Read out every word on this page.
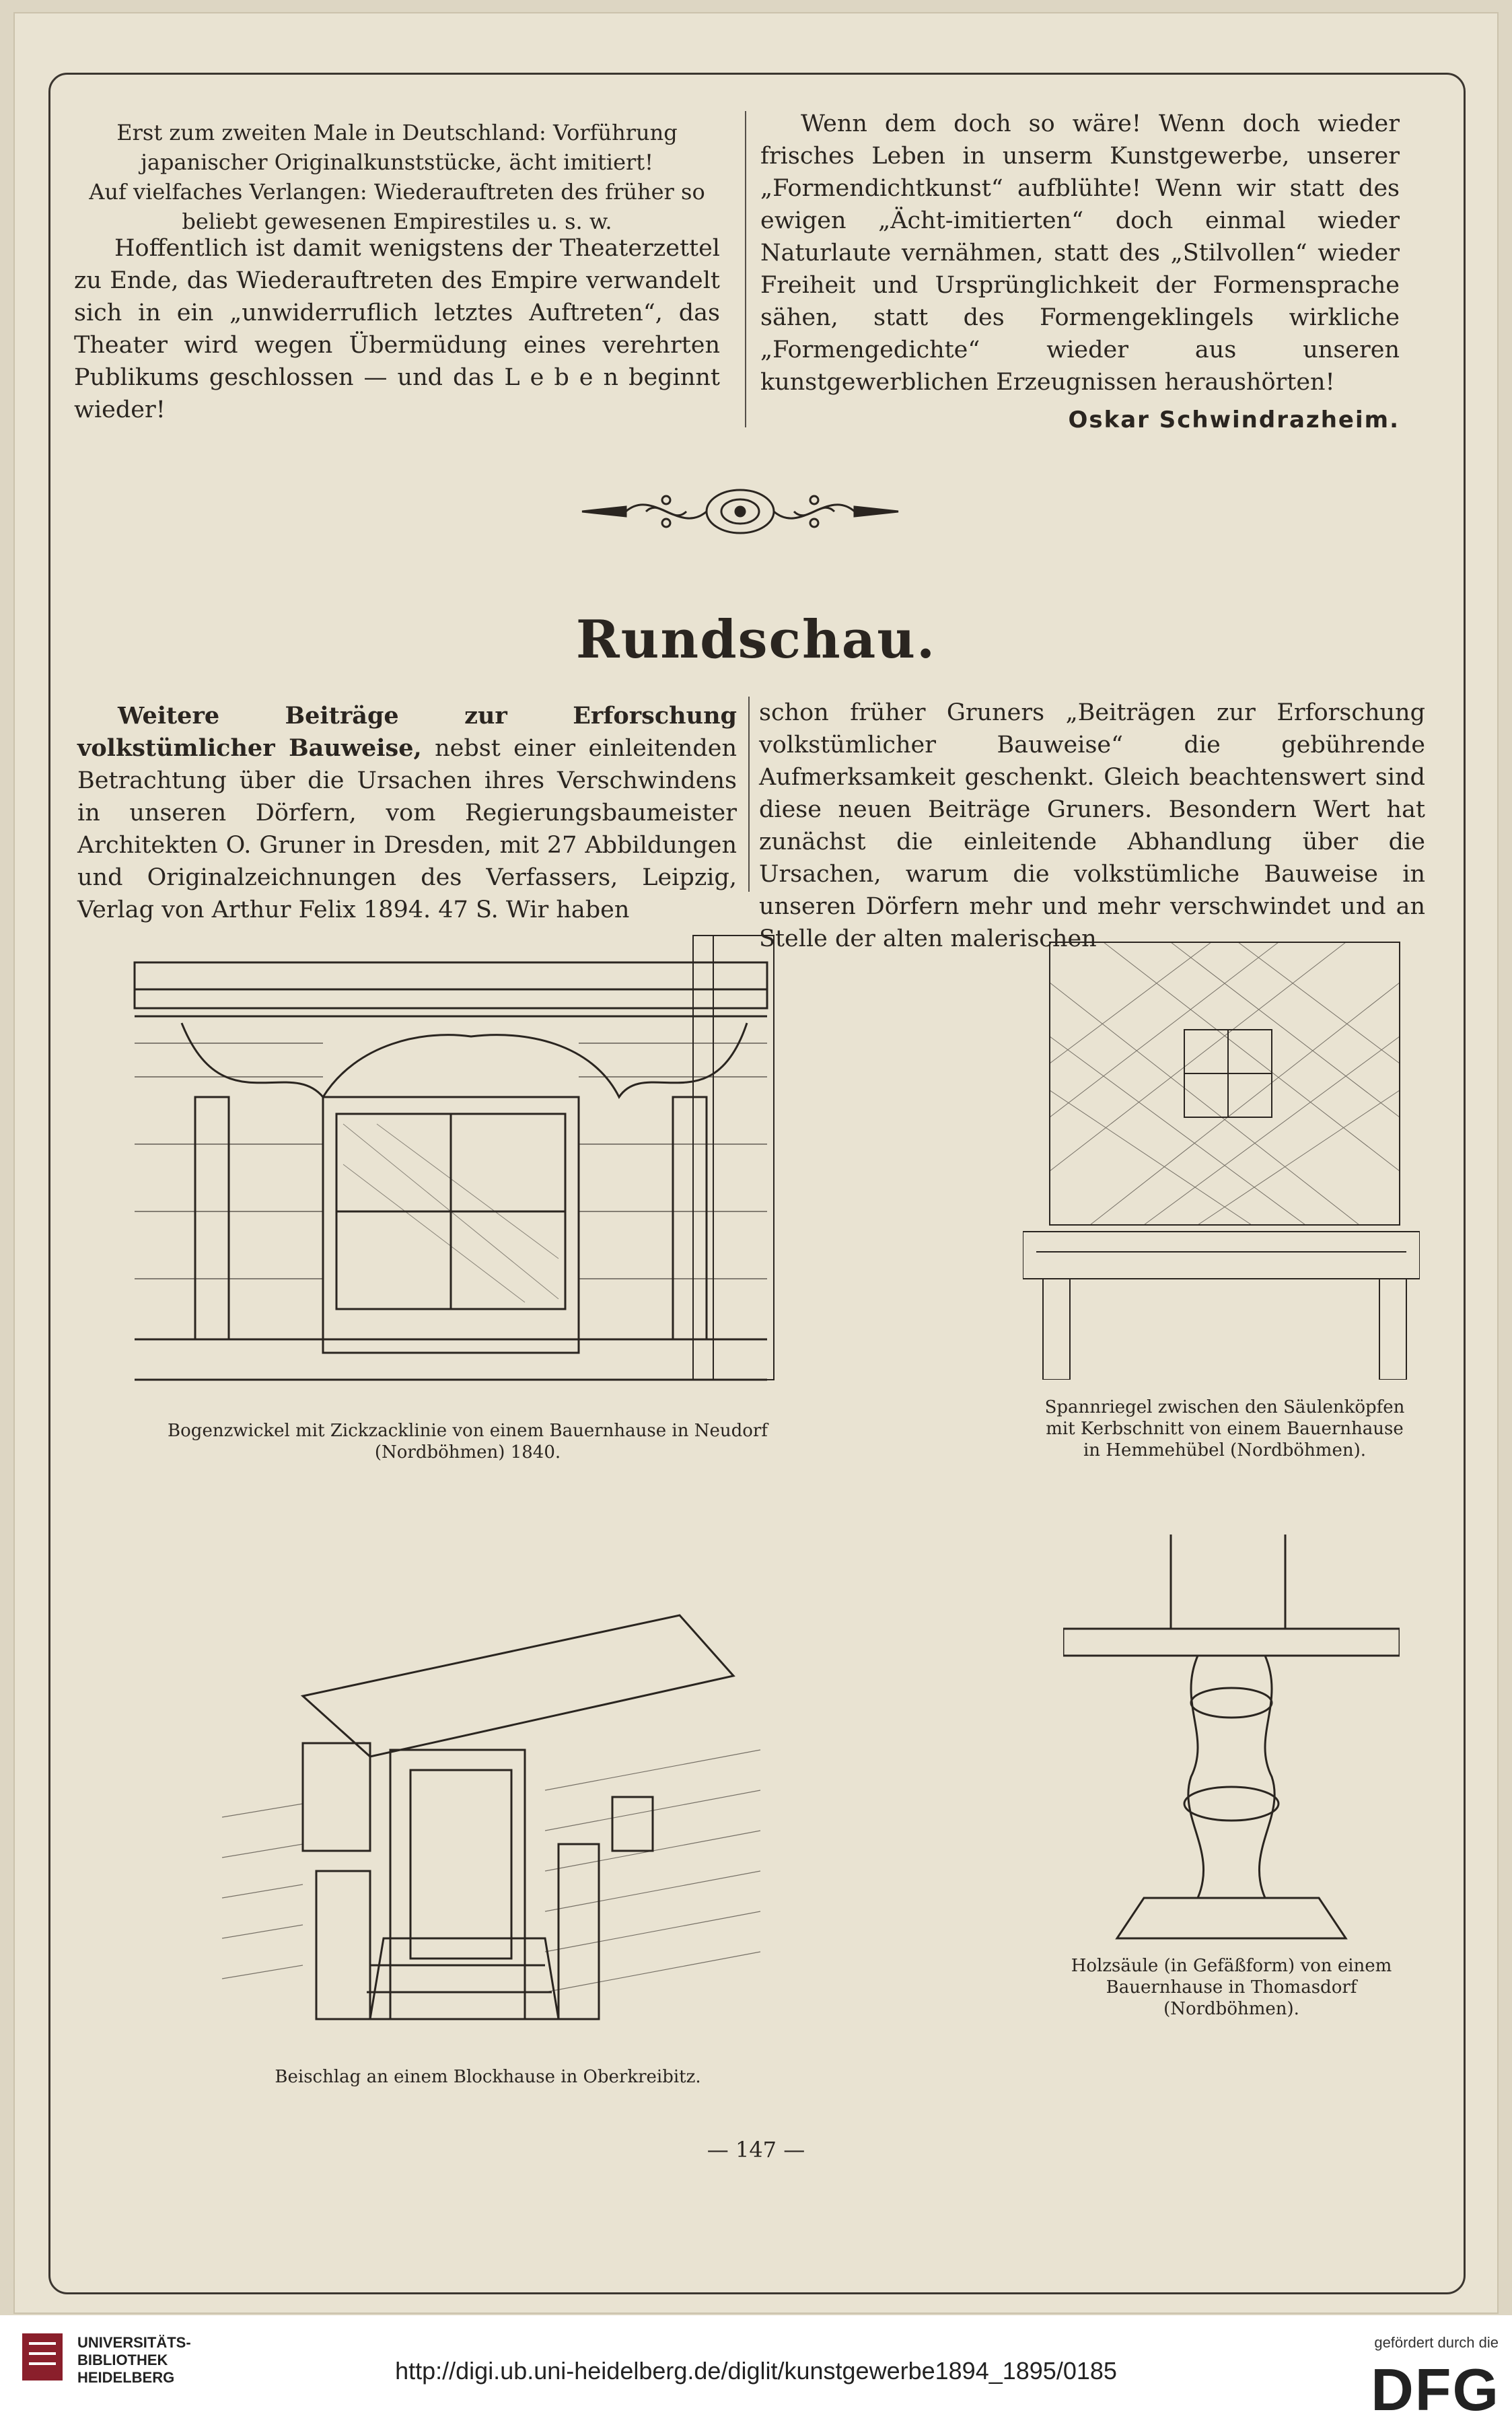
Erst zum zweiten Male in Deutschland: Vorführung japanischer Originalkunststücke, ächt imitiert!

Auf vielfaches Verlangen: Wiederauftreten des früher so beliebt gewesenen Empirestiles u. s. w.

Hoffentlich ist damit wenigstens der Theaterzettel zu Ende, das Wiederauftreten des Empire verwandelt sich in ein „unwiderruflich letztes Auftreten“, das Theater wird wegen Übermüdung eines verehrten Publikums geschlossen — und das L e b e n beginnt wieder!

Wenn dem doch so wäre! Wenn doch wieder frisches Leben in unserm Kunstgewerbe, unserer „Formendichtkunst“ aufblühte! Wenn wir statt des ewigen „Ächt-imitierten“ doch einmal wieder Naturlaute vernähmen, statt des „Stilvollen“ wieder Freiheit und Ursprünglichkeit der Formensprache sähen, statt des Formengeklingels wirkliche „Formengedichte“ wieder aus unseren kunstgewerblichen Erzeugnissen heraushörten!

Oskar Schwindrazheim.
Rundschau.

Weitere Beiträge zur Erforschung volkstümlicher Bauweise, nebst einer einleitenden Betrachtung über die Ursachen ihres Verschwindens in unseren Dörfern, vom Regierungsbaumeister Architekten O. Gruner in Dresden, mit 27 Abbildungen und Originalzeichnungen des Verfassers, Leipzig, Verlag von Arthur Felix 1894. 47 S. Wir haben

schon früher Gruners „Beiträgen zur Erforschung volkstümlicher Bauweise“ die gebührende Aufmerksamkeit geschenkt. Gleich beachtenswert sind diese neuen Beiträge Gruners. Besondern Wert hat zunächst die einleitende Abhandlung über die Ursachen, warum die volkstümliche Bauweise in unseren Dörfern mehr und mehr verschwindet und an Stelle der alten malerischen

Bogenzwickel mit Zickzacklinie von einem Bauernhause in Neudorf (Nordböhmen) 1840.
Spannriegel zwischen den Säulenköpfen mit Kerbschnitt von einem Bauernhause in Hemmehübel (Nordböhmen).
Beischlag an einem Blockhause in Oberkreibitz.
Holzsäule (in Gefäßform) von einem Bauernhause in Thomasdorf (Nordböhmen).
— 147 —
UNIVERSITÄTS-
BIBLIOTHEK
HEIDELBERG	http://digi.ub.uni-heidelberg.de/diglit/kunstgewerbe1894_1895/0185
gefördert durch die
DFG
